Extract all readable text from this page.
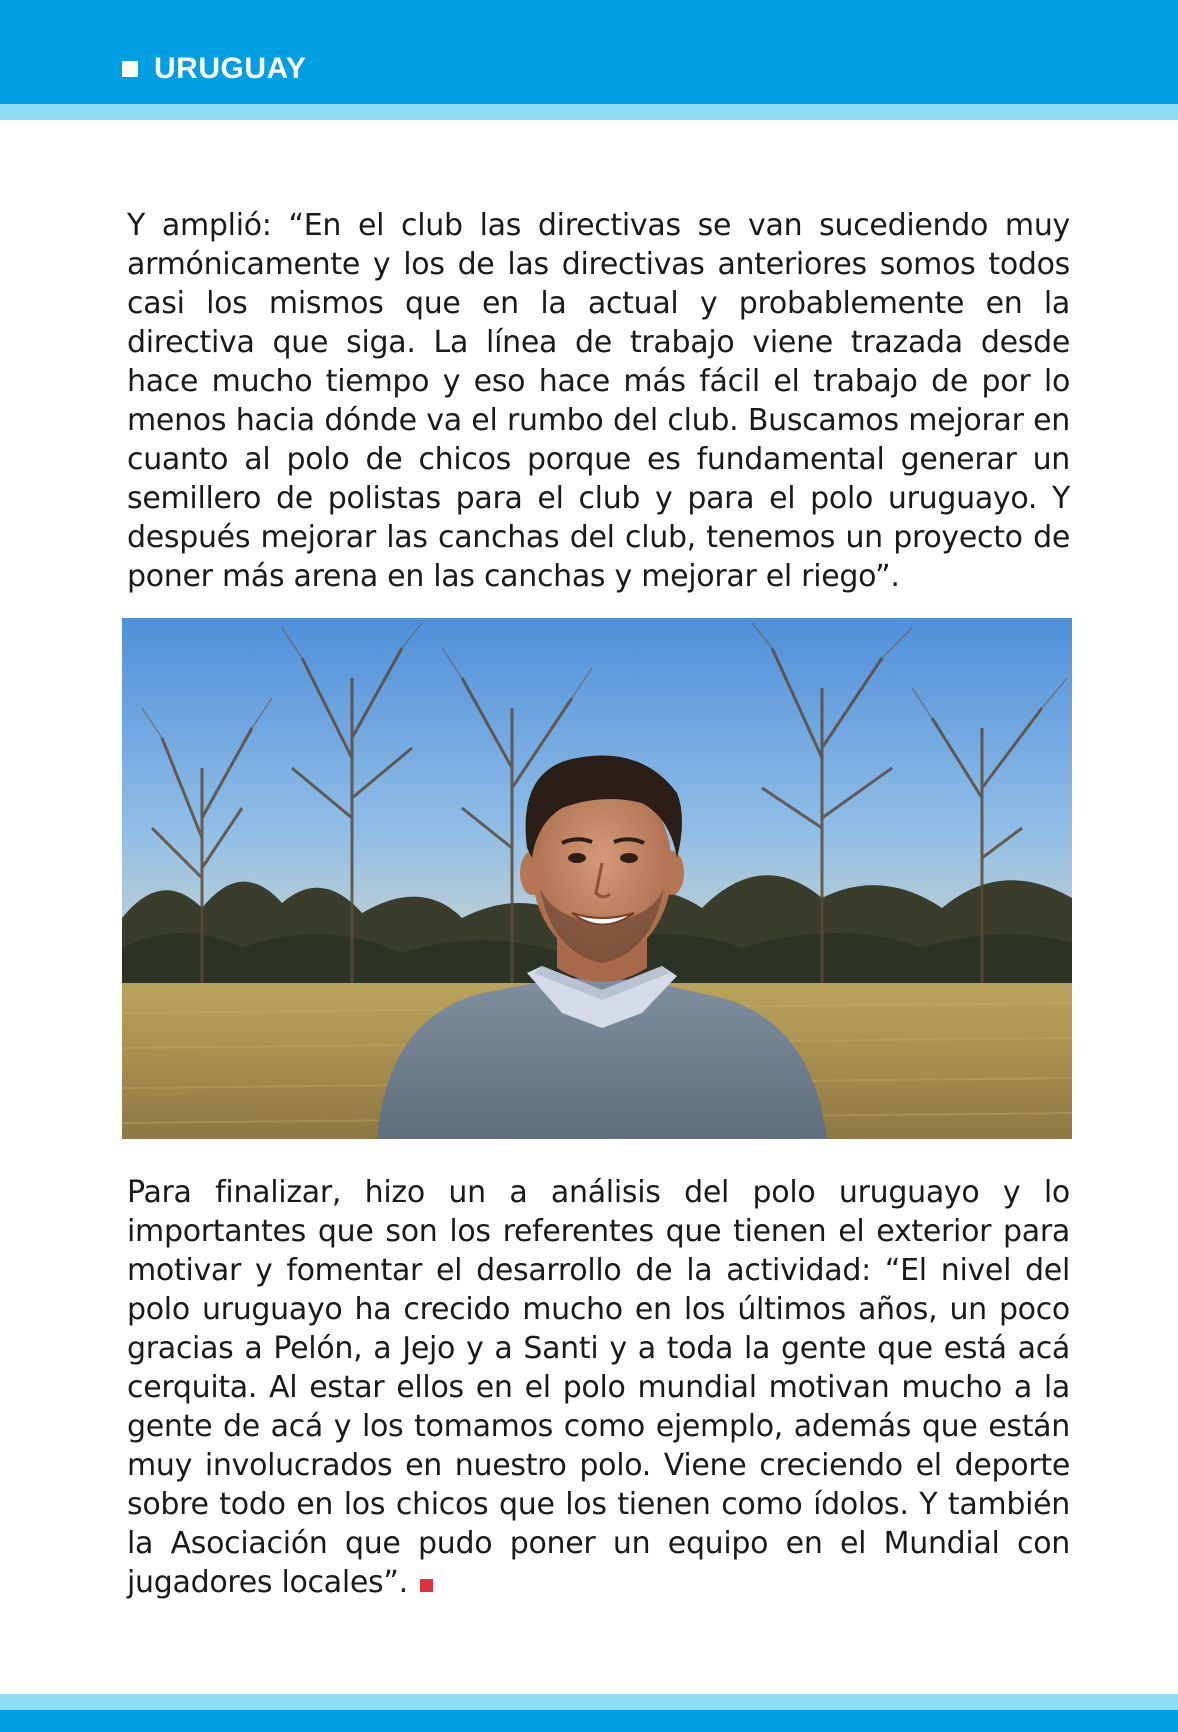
URUGUAY

Y amplió: “En el club las directivas se van sucediendo muy armónicamente y los de las directivas anteriores somos todos casi los mismos que en la actual y probablemente en la directiva que siga. La línea de trabajo viene trazada desde hace mucho tiempo y eso hace más fácil el trabajo de por lo menos hacia dónde va el rumbo del club. Buscamos mejorar en cuanto al polo de chicos porque es fundamental generar un semillero de polistas para el club y para el polo uruguayo. Y después mejorar las canchas del club, tenemos un proyecto de poner más arena en las canchas y mejorar el riego”.

Para finalizar, hizo un a análisis del polo uruguayo y lo importantes que son los referentes que tienen el exterior para motivar y fomentar el desarrollo de la actividad: “El nivel del polo uruguayo ha crecido mucho en los últimos años, un poco gracias a Pelón, a Jejo y a Santi y a toda la gente que está acá cerquita. Al estar ellos en el polo mundial motivan mucho a la gente de acá y los tomamos como ejemplo, además que están muy involucrados en nuestro polo. Viene creciendo el deporte sobre todo en los chicos que los tienen como ídolos. Y también la Asociación que pudo poner un equipo en el Mundial con jugadores locales”.
